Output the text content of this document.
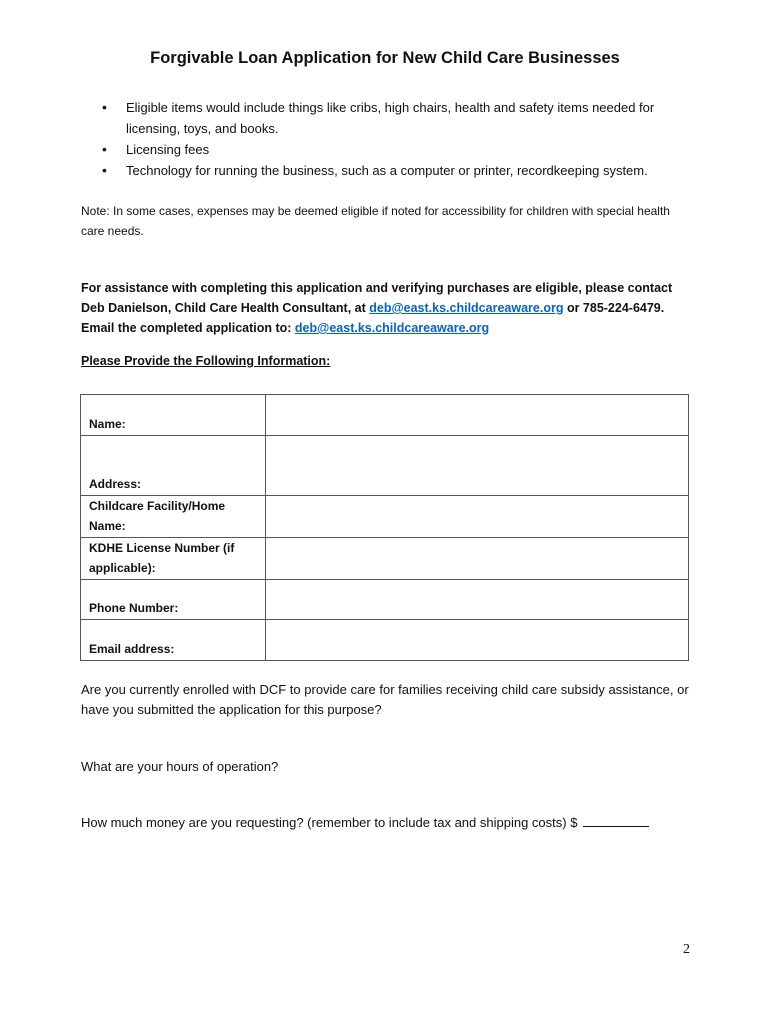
Forgivable Loan Application for New Child Care Businesses
• Eligible items would include things like cribs, high chairs, health and safety items needed for licensing, toys, and books.
• Licensing fees
• Technology for running the business, such as a computer or printer, recordkeeping system.
Note: In some cases, expenses may be deemed eligible if noted for accessibility for children with special health care needs.
For assistance with completing this application and verifying purchases are eligible, please contact Deb Danielson, Child Care Health Consultant, at deb@east.ks.childcareaware.org or 785-224-6479. Email the completed application to: deb@east.ks.childcareaware.org
Please Provide the Following Information:
Name:	
Address:	
Childcare Facility/Home Name:	
KDHE License Number (if applicable):	
Phone Number:	
Email address:	
Are you currently enrolled with DCF to provide care for families receiving child care subsidy assistance, or have you submitted the application for this purpose?
What are your hours of operation?
How much money are you requesting? (remember to include tax and shipping costs) $
2
